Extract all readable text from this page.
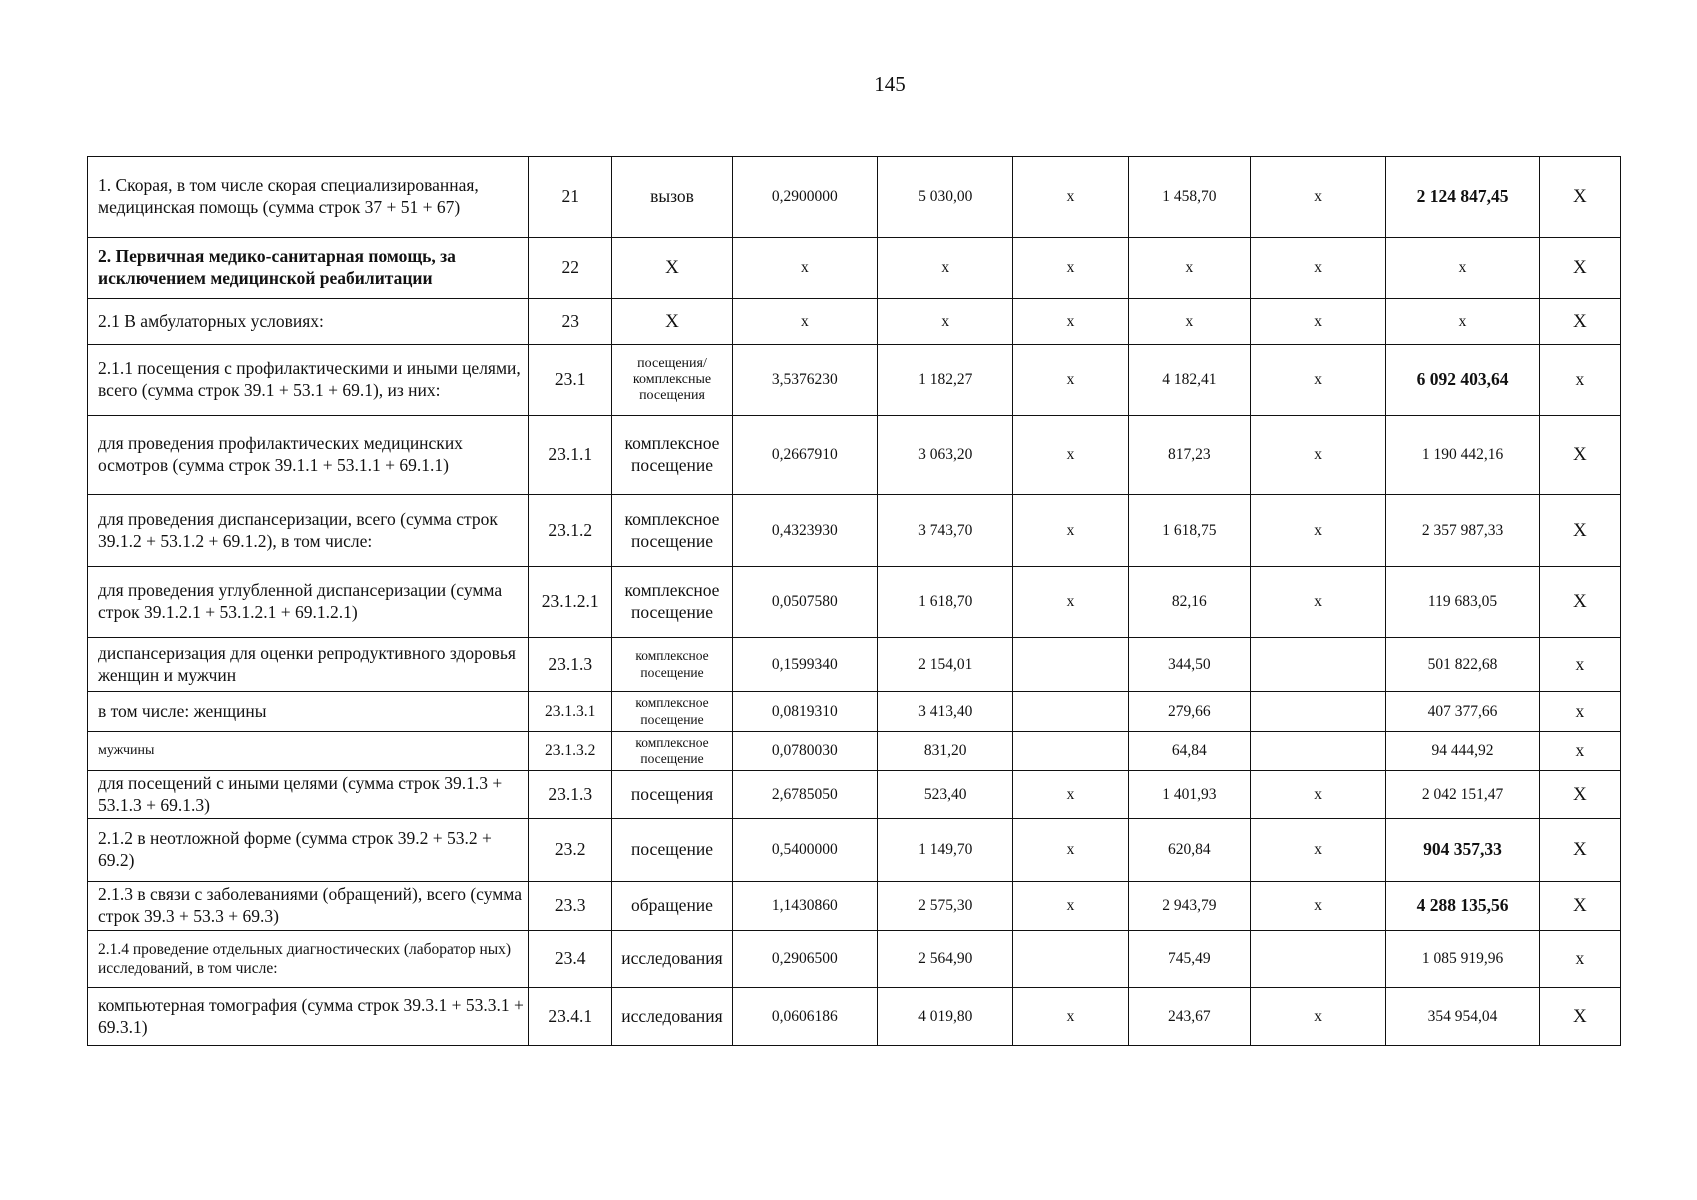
145
1. Скорая, в том числе скорая специализированная, медицинская помощь (сумма строк 37 + 51 + 67)	21	вызов	0,2900000	5 030,00	х	1 458,70	х	2 124 847,45	Х
2. Первичная медико-санитарная помощь, за исключением медицинской реабилитации	22	Х	х	х	х	х	х	х	Х
2.1 В амбулаторных условиях:	23	Х	х	х	х	х	х	х	Х
2.1.1 посещения с профилактическими и иными целями, всего (сумма строк 39.1 + 53.1 + 69.1), из них:	23.1	посещения/комплексные посещения	3,5376230	1 182,27	х	4 182,41	х	6 092 403,64	х
для проведения профилактических медицинских осмотров (сумма строк 39.1.1 + 53.1.1 + 69.1.1)	23.1.1	комплексное посещение	0,2667910	3 063,20	х	817,23	х	1 190 442,16	Х
для проведения диспансеризации, всего (сумма строк 39.1.2 + 53.1.2 + 69.1.2), в том числе:	23.1.2	комплексное посещение	0,4323930	3 743,70	х	1 618,75	х	2 357 987,33	Х
для проведения углубленной диспансеризации (сумма строк 39.1.2.1 + 53.1.2.1 + 69.1.2.1)	23.1.2.1	комплексное посещение	0,0507580	1 618,70	х	82,16	х	119 683,05	Х
диспансеризация для оценки репродуктивного здоровья женщин и мужчин	23.1.3	комплексное посещение	0,1599340	2 154,01		344,50		501 822,68	х
в том числе: женщины	23.1.3.1	комплексное посещение	0,0819310	3 413,40		279,66		407 377,66	х
мужчины	23.1.3.2	комплексное посещение	0,0780030	831,20		64,84		94 444,92	х
для посещений с иными целями (сумма строк 39.1.3 + 53.1.3 + 69.1.3)	23.1.3	посещения	2,6785050	523,40	х	1 401,93	х	2 042 151,47	Х
2.1.2 в неотложной форме (сумма строк 39.2 + 53.2 + 69.2)	23.2	посещение	0,5400000	1 149,70	х	620,84	х	904 357,33	Х
2.1.3 в связи с заболеваниями (обращений), всего (сумма строк 39.3 + 53.3 + 69.3)	23.3	обращение	1,1430860	2 575,30	х	2 943,79	х	4 288 135,56	Х
2.1.4 проведение отдельных диагностических (лаборатор ных) исследований, в том числе:	23.4	исследования	0,2906500	2 564,90		745,49		1 085 919,96	х
компьютерная томография (сумма строк 39.3.1 + 53.3.1 + 69.3.1)	23.4.1	исследования	0,0606186	4 019,80	х	243,67	х	354 954,04	Х
